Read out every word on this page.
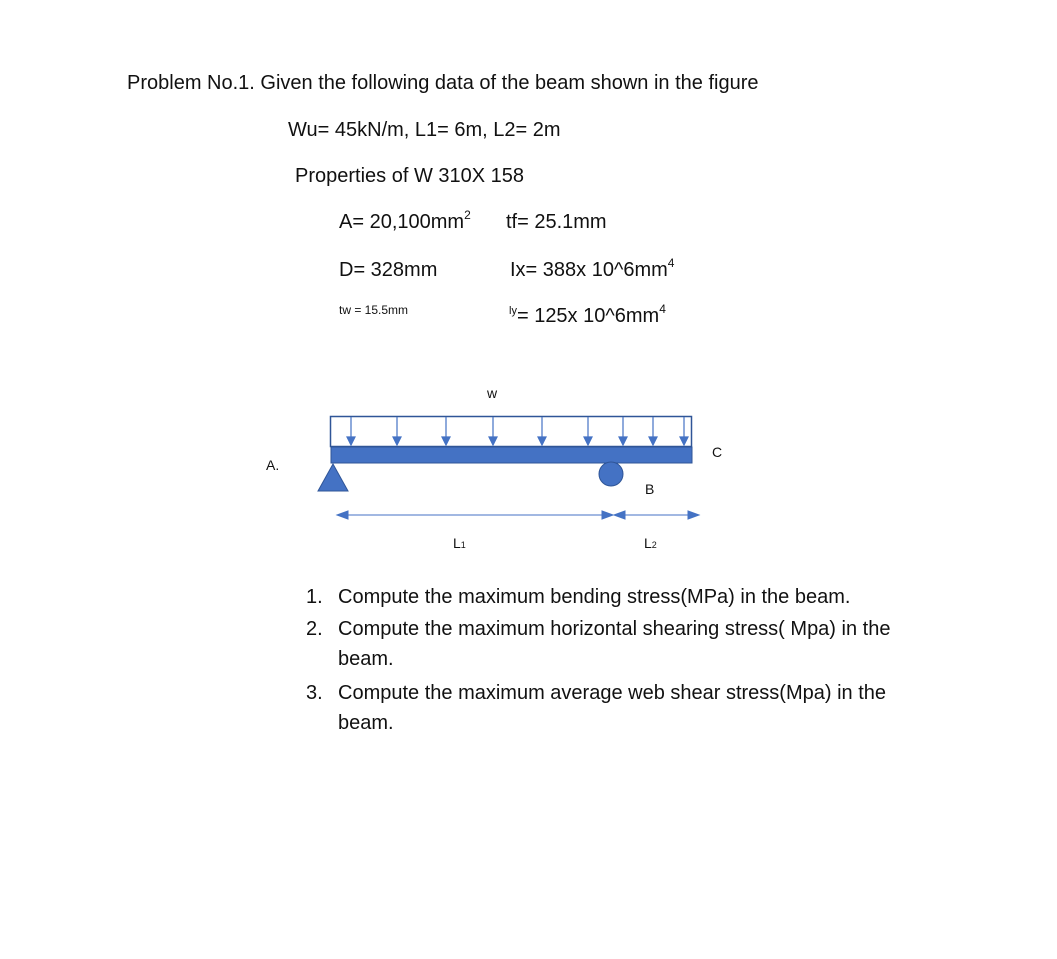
Problem No.1. Given the following data of the beam shown in the figure
Wu= 45kN/m, L1= 6m, L2= 2m
Properties of W 310X 158
$A= 20,100mm^2$ tf= 25.1mm
D= 328mm	Ix= 388x $10\^{}6mm^4$
tw = 15.5mm	$^{ly}$= 125x $10\^{}6mm^4$
w
A.
C
B
L1	L2
1. Compute the maximum bending stress(MPa) in the beam.
2. Compute the maximum horizontal shearing stress( Mpa) in the beam.
3. Compute the maximum average web shear stress(Mpa) in the beam.
